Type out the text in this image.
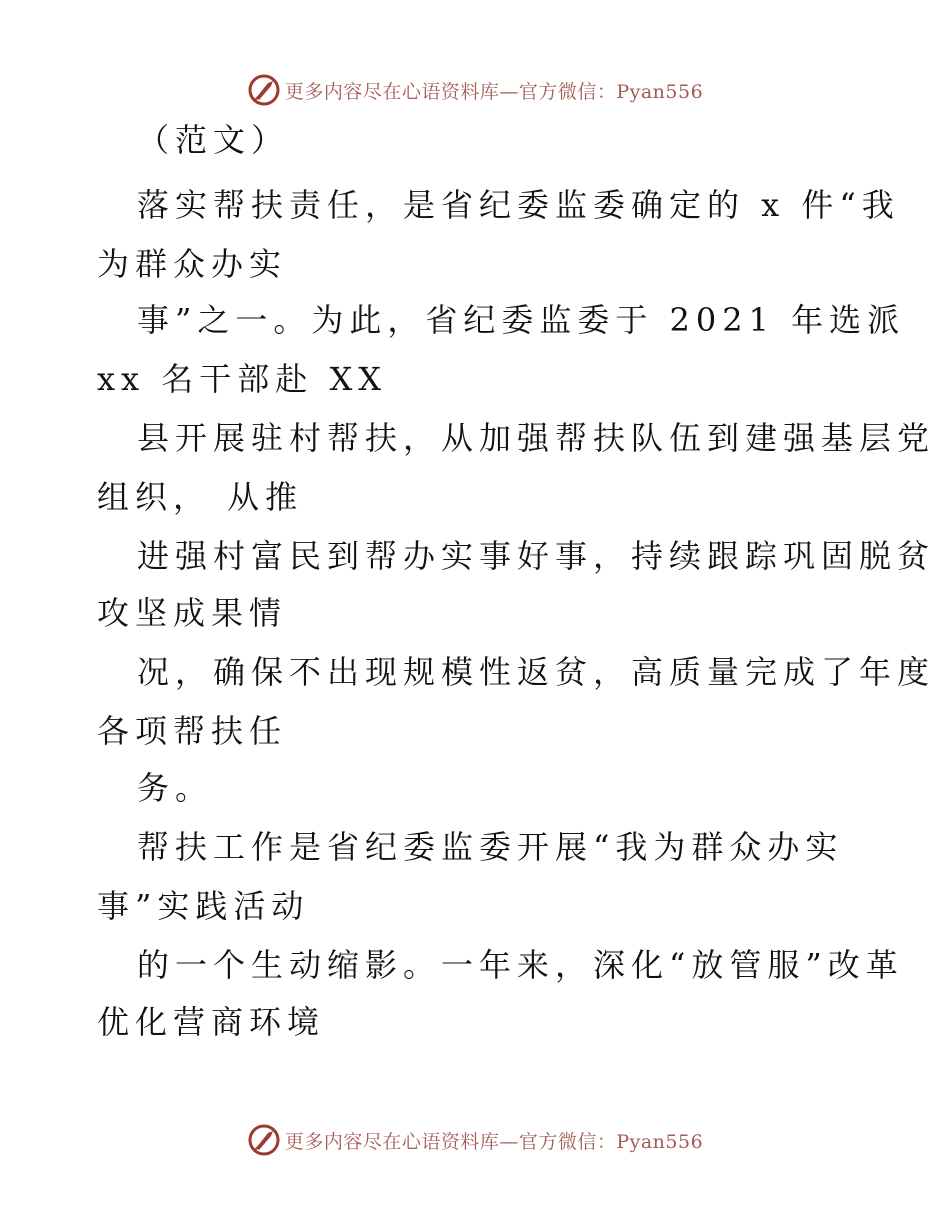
更多内容尽在心语资料库—官方微信：Pyan556
（范文）
落实帮扶责任，是省纪委监委确定的 x 件“我
为群众办实
事”之一。为此，省纪委监委于 2021 年选派
xx 名干部赴 XX
县开展驻村帮扶，从加强帮扶队伍到建强基层党
组织， 从推
进强村富民到帮办实事好事，持续跟踪巩固脱贫
攻坚成果情
况，确保不出现规模性返贫，高质量完成了年度
各项帮扶任
务。
帮扶工作是省纪委监委开展“我为群众办实
事”实践活动
的一个生动缩影。一年来，深化“放管服”改革
优化营商环境
更多内容尽在心语资料库—官方微信：Pyan556
